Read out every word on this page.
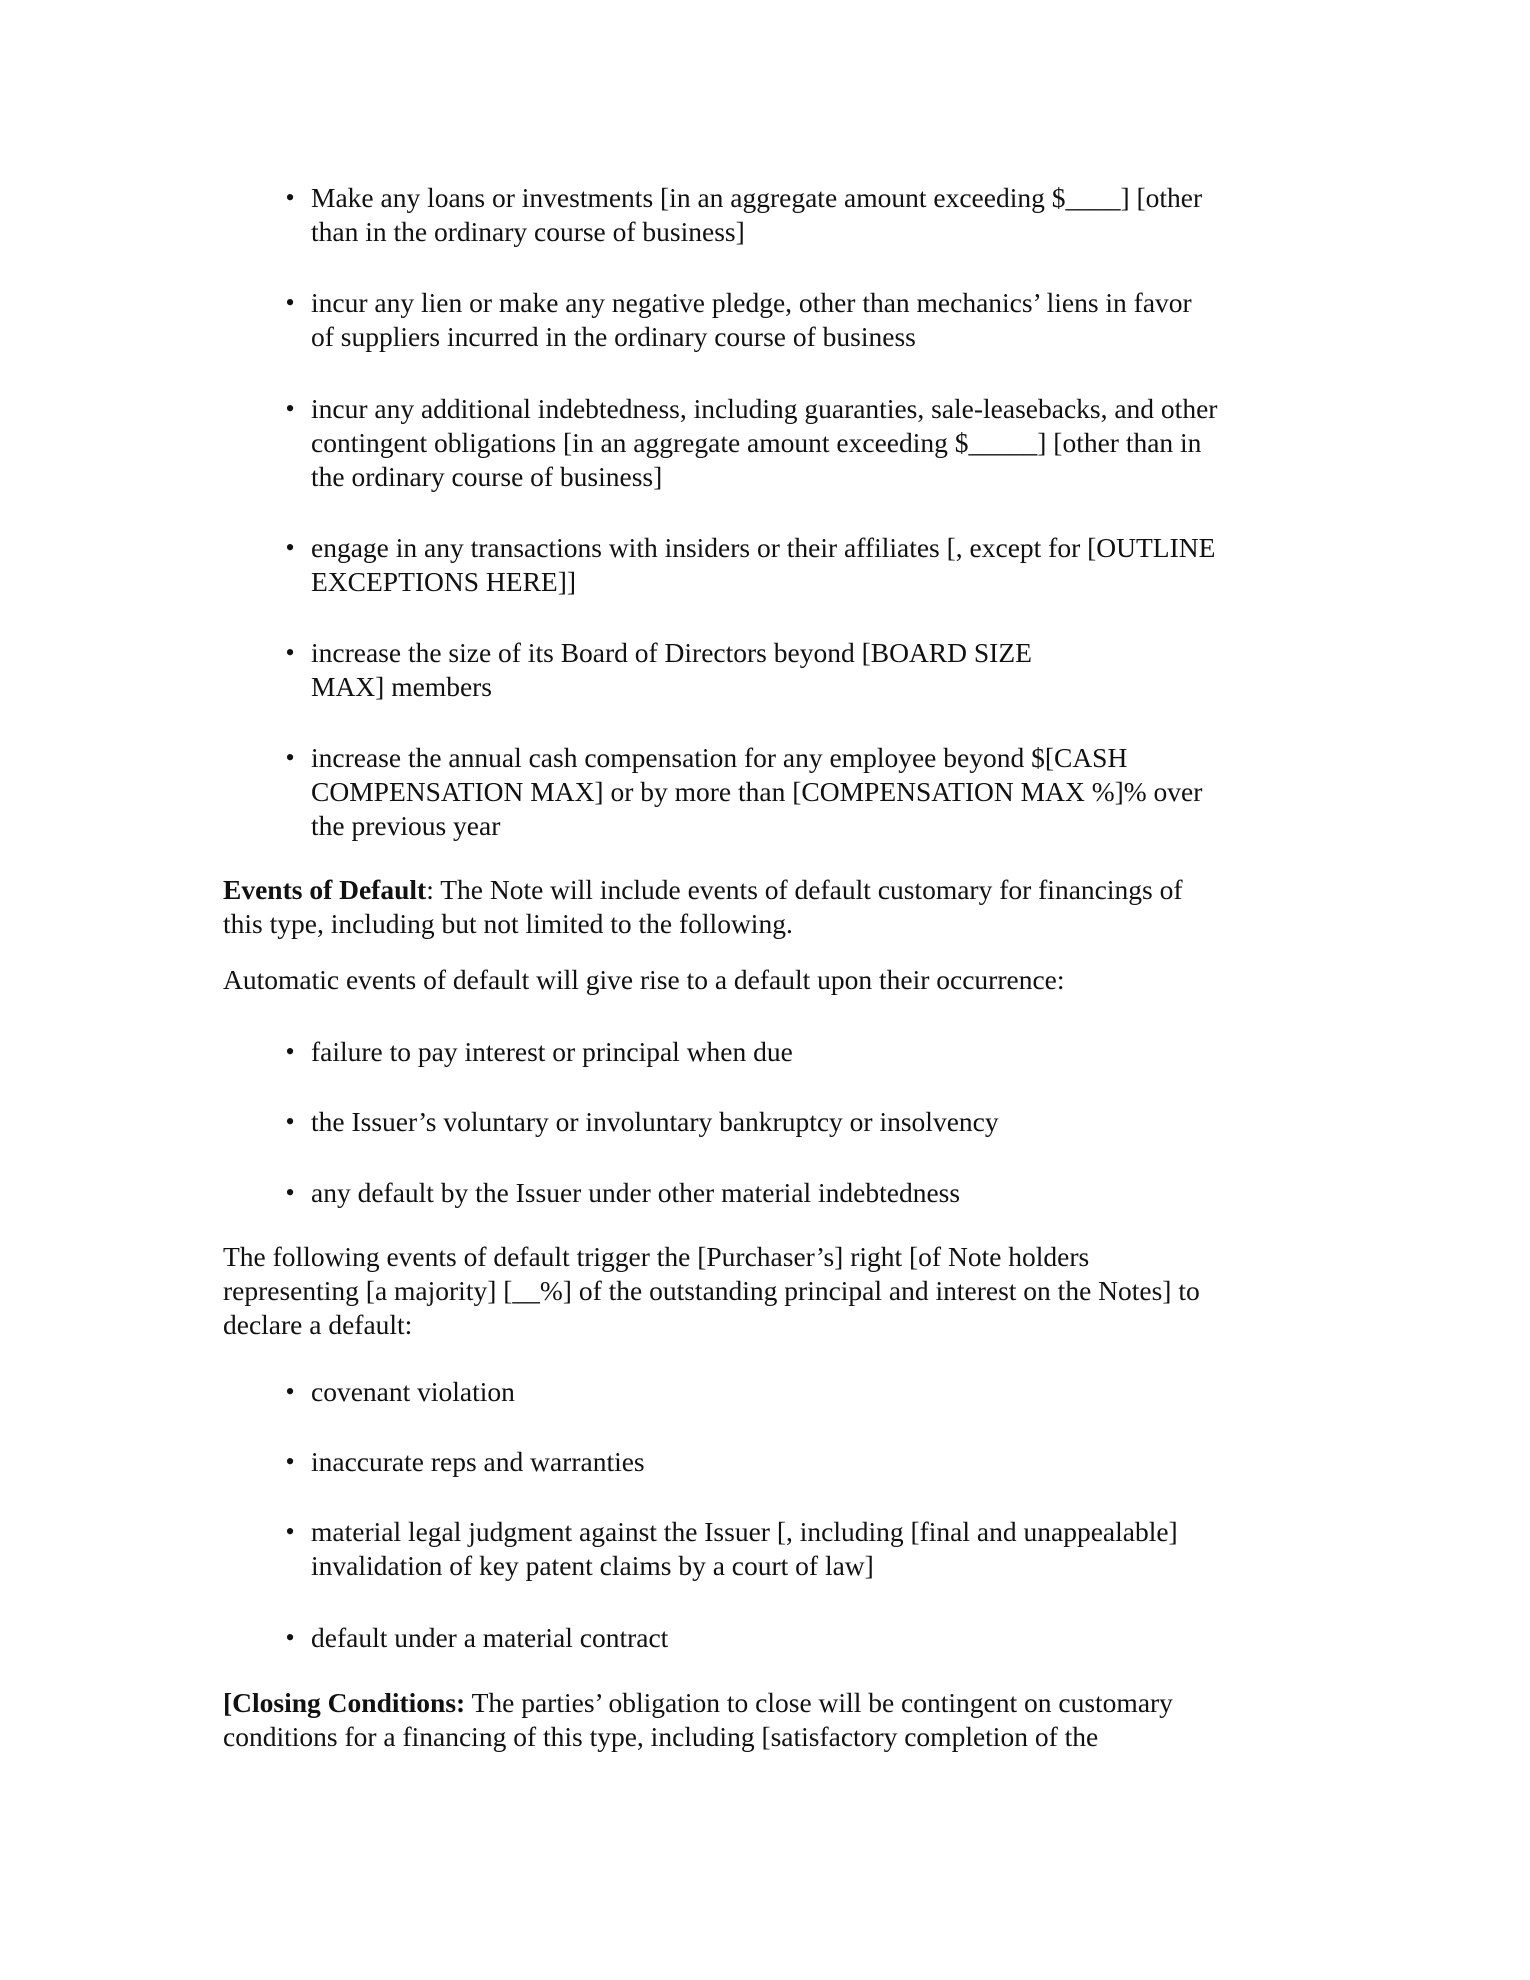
• Make any loans or investments [in an aggregate amount exceeding $____] [other
than in the ordinary course of business]
• incur any lien or make any negative pledge, other than mechanics’ liens in favor
of suppliers incurred in the ordinary course of business
• incur any additional indebtedness, including guaranties, sale-leasebacks, and other
contingent obligations [in an aggregate amount exceeding $_____] [other than in
the ordinary course of business]
• engage in any transactions with insiders or their affiliates [, except for [OUTLINE
EXCEPTIONS HERE]]
• increase the size of its Board of Directors beyond [BOARD SIZE
MAX] members
• increase the annual cash compensation for any employee beyond $[CASH
COMPENSATION MAX] or by more than [COMPENSATION MAX %]% over
the previous year

Events of Default: The Note will include events of default customary for financings of
this type, including but not limited to the following.

Automatic events of default will give rise to a default upon their occurrence:

• failure to pay interest or principal when due
• the Issuer’s voluntary or involuntary bankruptcy or insolvency
• any default by the Issuer under other material indebtedness

The following events of default trigger the [Purchaser’s] right [of Note holders
representing [a majority] [__%] of the outstanding principal and interest on the Notes] to
declare a default:

• covenant violation
• inaccurate reps and warranties
• material legal judgment against the Issuer [, including [final and unappealable]
invalidation of key patent claims by a court of law]
• default under a material contract

[Closing Conditions: The parties’ obligation to close will be contingent on customary
conditions for a financing of this type, including [satisfactory completion of the
